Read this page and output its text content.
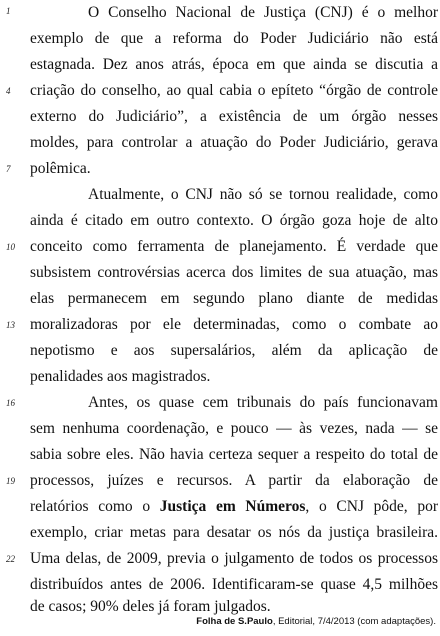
1
4
7
10
13
16
19
22
O Conselho Nacional de Justiça (CNJ) é o melhor
exemplo de que a reforma do Poder Judiciário não está
estagnada. Dez anos atrás, época em que ainda se discutia a
criação do conselho, ao qual cabia o epíteto “órgão de controle
externo do Judiciário”, a existência de um órgão nesses
moldes, para controlar a atuação do Poder Judiciário, gerava
polêmica.
Atualmente, o CNJ não só se tornou realidade, como
ainda é citado em outro contexto. O órgão goza hoje de alto
conceito como ferramenta de planejamento. É verdade que
subsistem controvérsias acerca dos limites de sua atuação, mas
elas permanecem em segundo plano diante de medidas
moralizadoras por ele determinadas, como o combate ao
nepotismo e aos supersalários, além da aplicação de
penalidades aos magistrados.
Antes, os quase cem tribunais do país funcionavam
sem nenhuma coordenação, e pouco — às vezes, nada — se
sabia sobre eles. Não havia certeza sequer a respeito do total de
processos, juízes e recursos. A partir da elaboração de
relatórios como o Justiça em Números, o CNJ pôde, por
exemplo, criar metas para desatar os nós da justiça brasileira.
Uma delas, de 2009, previa o julgamento de todos os processos
distribuídos antes de 2006. Identificaram-se quase 4,5 milhões
de casos; 90% deles já foram julgados.
Folha de S.Paulo, Editorial, 7/4/2013 (com adaptações).
